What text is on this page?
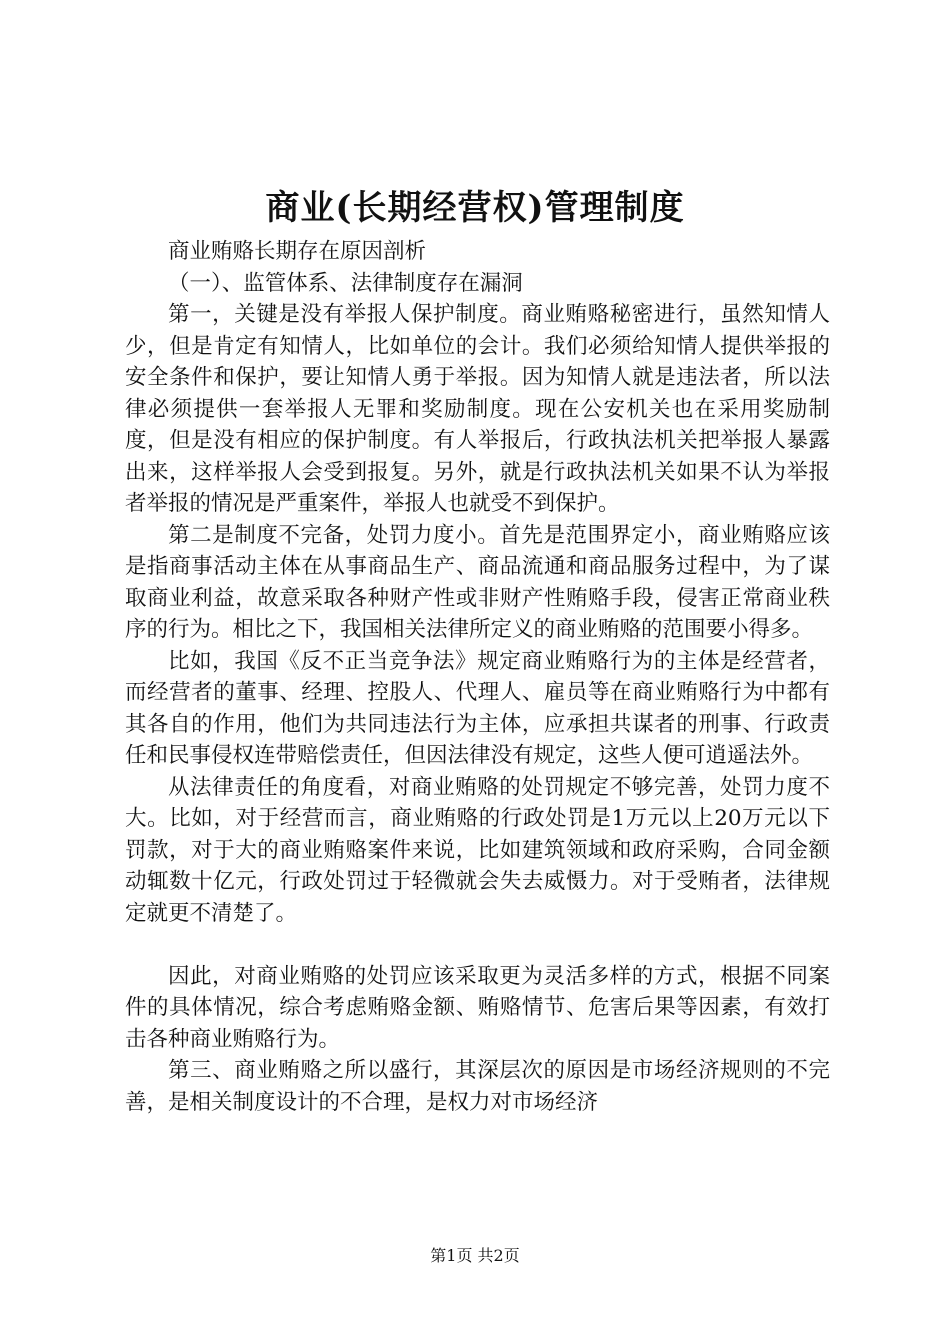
商业(长期经营权)管理制度

商业贿赂长期存在原因剖析

（一）、监管体系、法律制度存在漏洞

第一，关键是没有举报人保护制度。商业贿赂秘密进行，虽然知情人少，但是肯定有知情人，比如单位的会计。我们必须给知情人提供举报的安全条件和保护，要让知情人勇于举报。因为知情人就是违法者，所以法律必须提供一套举报人无罪和奖励制度。现在公安机关也在采用奖励制度，但是没有相应的保护制度。有人举报后，行政执法机关把举报人暴露出来，这样举报人会受到报复。另外，就是行政执法机关如果不认为举报者举报的情况是严重案件，举报人也就受不到保护。

第二是制度不完备，处罚力度小。首先是范围界定小，商业贿赂应该是指商事活动主体在从事商品生产、商品流通和商品服务过程中，为了谋取商业利益，故意采取各种财产性或非财产性贿赂手段，侵害正常商业秩序的行为。相比之下，我国相关法律所定义的商业贿赂的范围要小得多。

比如，我国《反不正当竞争法》规定商业贿赂行为的主体是经营者，而经营者的董事、经理、控股人、代理人、雇员等在商业贿赂行为中都有其各自的作用，他们为共同违法行为主体，应承担共谋者的刑事、行政责任和民事侵权连带赔偿责任，但因法律没有规定，这些人便可逍遥法外。

从法律责任的角度看，对商业贿赂的处罚规定不够完善，处罚力度不大。比如，对于经营而言，商业贿赂的行政处罚是1万元以上20万元以下罚款，对于大的商业贿赂案件来说，比如建筑领域和政府采购，合同金额动辄数十亿元，行政处罚过于轻微就会失去威慑力。对于受贿者，法律规定就更不清楚了。

因此，对商业贿赂的处罚应该采取更为灵活多样的方式，根据不同案件的具体情况，综合考虑贿赂金额、贿赂情节、危害后果等因素，有效打击各种商业贿赂行为。

第三、商业贿赂之所以盛行，其深层次的原因是市场经济规则的不完善，是相关制度设计的不合理，是权力对市场经济

第1页 共2页
